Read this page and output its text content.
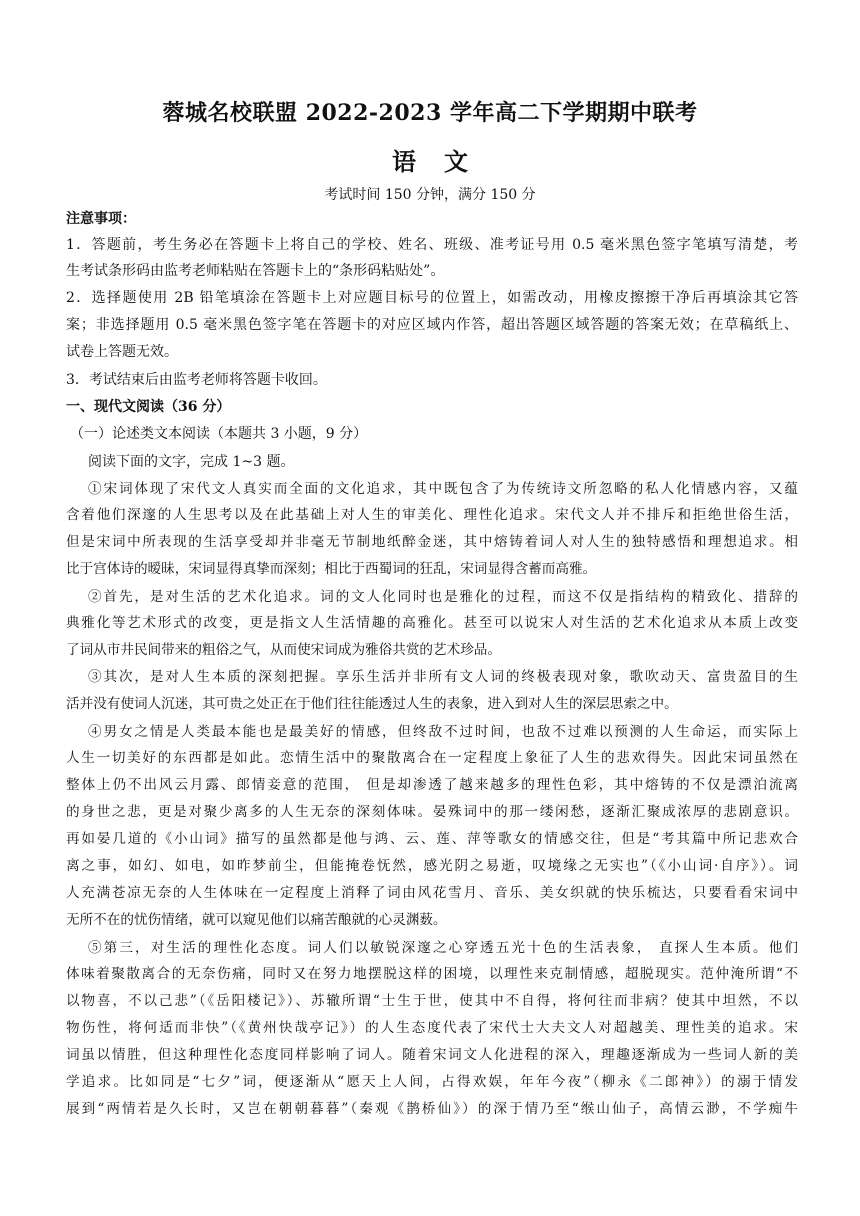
蓉城名校联盟 2022-2023 学年高二下学期期中联考
语文
考试时间 150 分钟，满分 150 分
注意事项：
1．答题前，考生务必在答题卡上将自己的学校、姓名、班级、准考证号用 0.5 毫米黑色签字笔填写清楚，考
生考试条形码由监考老师粘贴在答题卡上的“条形码粘贴处”。
2．选择题使用 2B 铅笔填涂在答题卡上对应题目标号的位置上，如需改动，用橡皮擦擦干净后再填涂其它答
案；非选择题用 0.5 毫米黑色签字笔在答题卡的对应区域内作答，超出答题区域答题的答案无效；在草稿纸上、
试卷上答题无效。
3．考试结束后由监考老师将答题卡收回。
一、现代文阅读（36 分）
（一）论述类文本阅读（本题共 3 小题，9 分）
阅读下面的文字，完成 1~3 题。
①宋词体现了宋代文人真实而全面的文化追求，其中既包含了为传统诗文所忽略的私人化情感内容，又蕴
含着他们深邃的人生思考以及在此基础上对人生的审美化、理性化追求。宋代文人并不排斥和拒绝世俗生活，
但是宋词中所表现的生活享受却并非毫无节制地纸醉金迷，其中熔铸着词人对人生的独特感悟和理想追求。相
比于宫体诗的暧昧，宋词显得真挚而深刻；相比于西蜀词的狂乱，宋词显得含蓄而高雅。
②首先，是对生活的艺术化追求。词的文人化同时也是雅化的过程，而这不仅是指结构的精致化、措辞的
典雅化等艺术形式的改变，更是指文人生活情趣的高雅化。甚至可以说宋人对生活的艺术化追求从本质上改变
了词从市井民间带来的粗俗之气，从而使宋词成为雅俗共赏的艺术珍品。
③其次，是对人生本质的深刻把握。享乐生活并非所有文人词的终极表现对象，歌吹动天、富贵盈目的生
活并没有使词人沉迷，其可贵之处正在于他们往往能透过人生的表象，进入到对人生的深层思索之中。
④男女之情是人类最本能也是最美好的情感，但终敌不过时间，也敌不过难以预测的人生命运，而实际上
人生一切美好的东西都是如此。恋情生活中的聚散离合在一定程度上象征了人生的悲欢得失。因此宋词虽然在
整体上仍不出风云月露、郎情妾意的范围， 但是却渗透了越来越多的理性色彩，其中熔铸的不仅是漂泊流离
的身世之悲，更是对聚少离多的人生无奈的深刻体味。晏殊词中的那一缕闲愁，逐渐汇聚成浓厚的悲剧意识。
再如晏几道的《小山词》描写的虽然都是他与鸿、云、莲、萍等歌女的情感交往，但是“考其篇中所记悲欢合
离之事，如幻、如电，如昨梦前尘，但能掩卷怃然，感光阴之易逝，叹境缘之无实也”（《小山词·自序》）。词
人充满苍凉无奈的人生体味在一定程度上消释了词由风花雪月、音乐、美女织就的快乐梳达，只要看看宋词中
无所不在的忧伤情绪，就可以窥见他们以痛苦酿就的心灵渊薮。
⑤第三，对生活的理性化态度。词人们以敏锐深邃之心穿透五光十色的生活表象， 直探人生本质。他们
体味着聚散离合的无奈伤痛，同时又在努力地摆脱这样的困境，以理性来克制情感，超脱现实。范仲淹所谓“不
以物喜，不以己悲”（《岳阳楼记》）、苏辙所谓“士生于世，使其中不自得，将何往而非病？使其中坦然，不以
物伤性，将何适而非快”（《黄州快哉亭记》）的人生态度代表了宋代士大夫文人对超越美、理性美的追求。宋
词虽以情胜，但这种理性化态度同样影响了词人。随着宋词文人化进程的深入，理趣逐渐成为一些词人新的美
学追求。比如同是“七夕”词，便逐渐从“愿天上人间，占得欢娱，年年今夜”（柳永《二郎神》）的溺于情发
展到“两情若是久长时，又岂在朝朝暮暮”（秦观《鹊桥仙》）的深于情乃至“缑山仙子，高情云渺，不学痴牛
